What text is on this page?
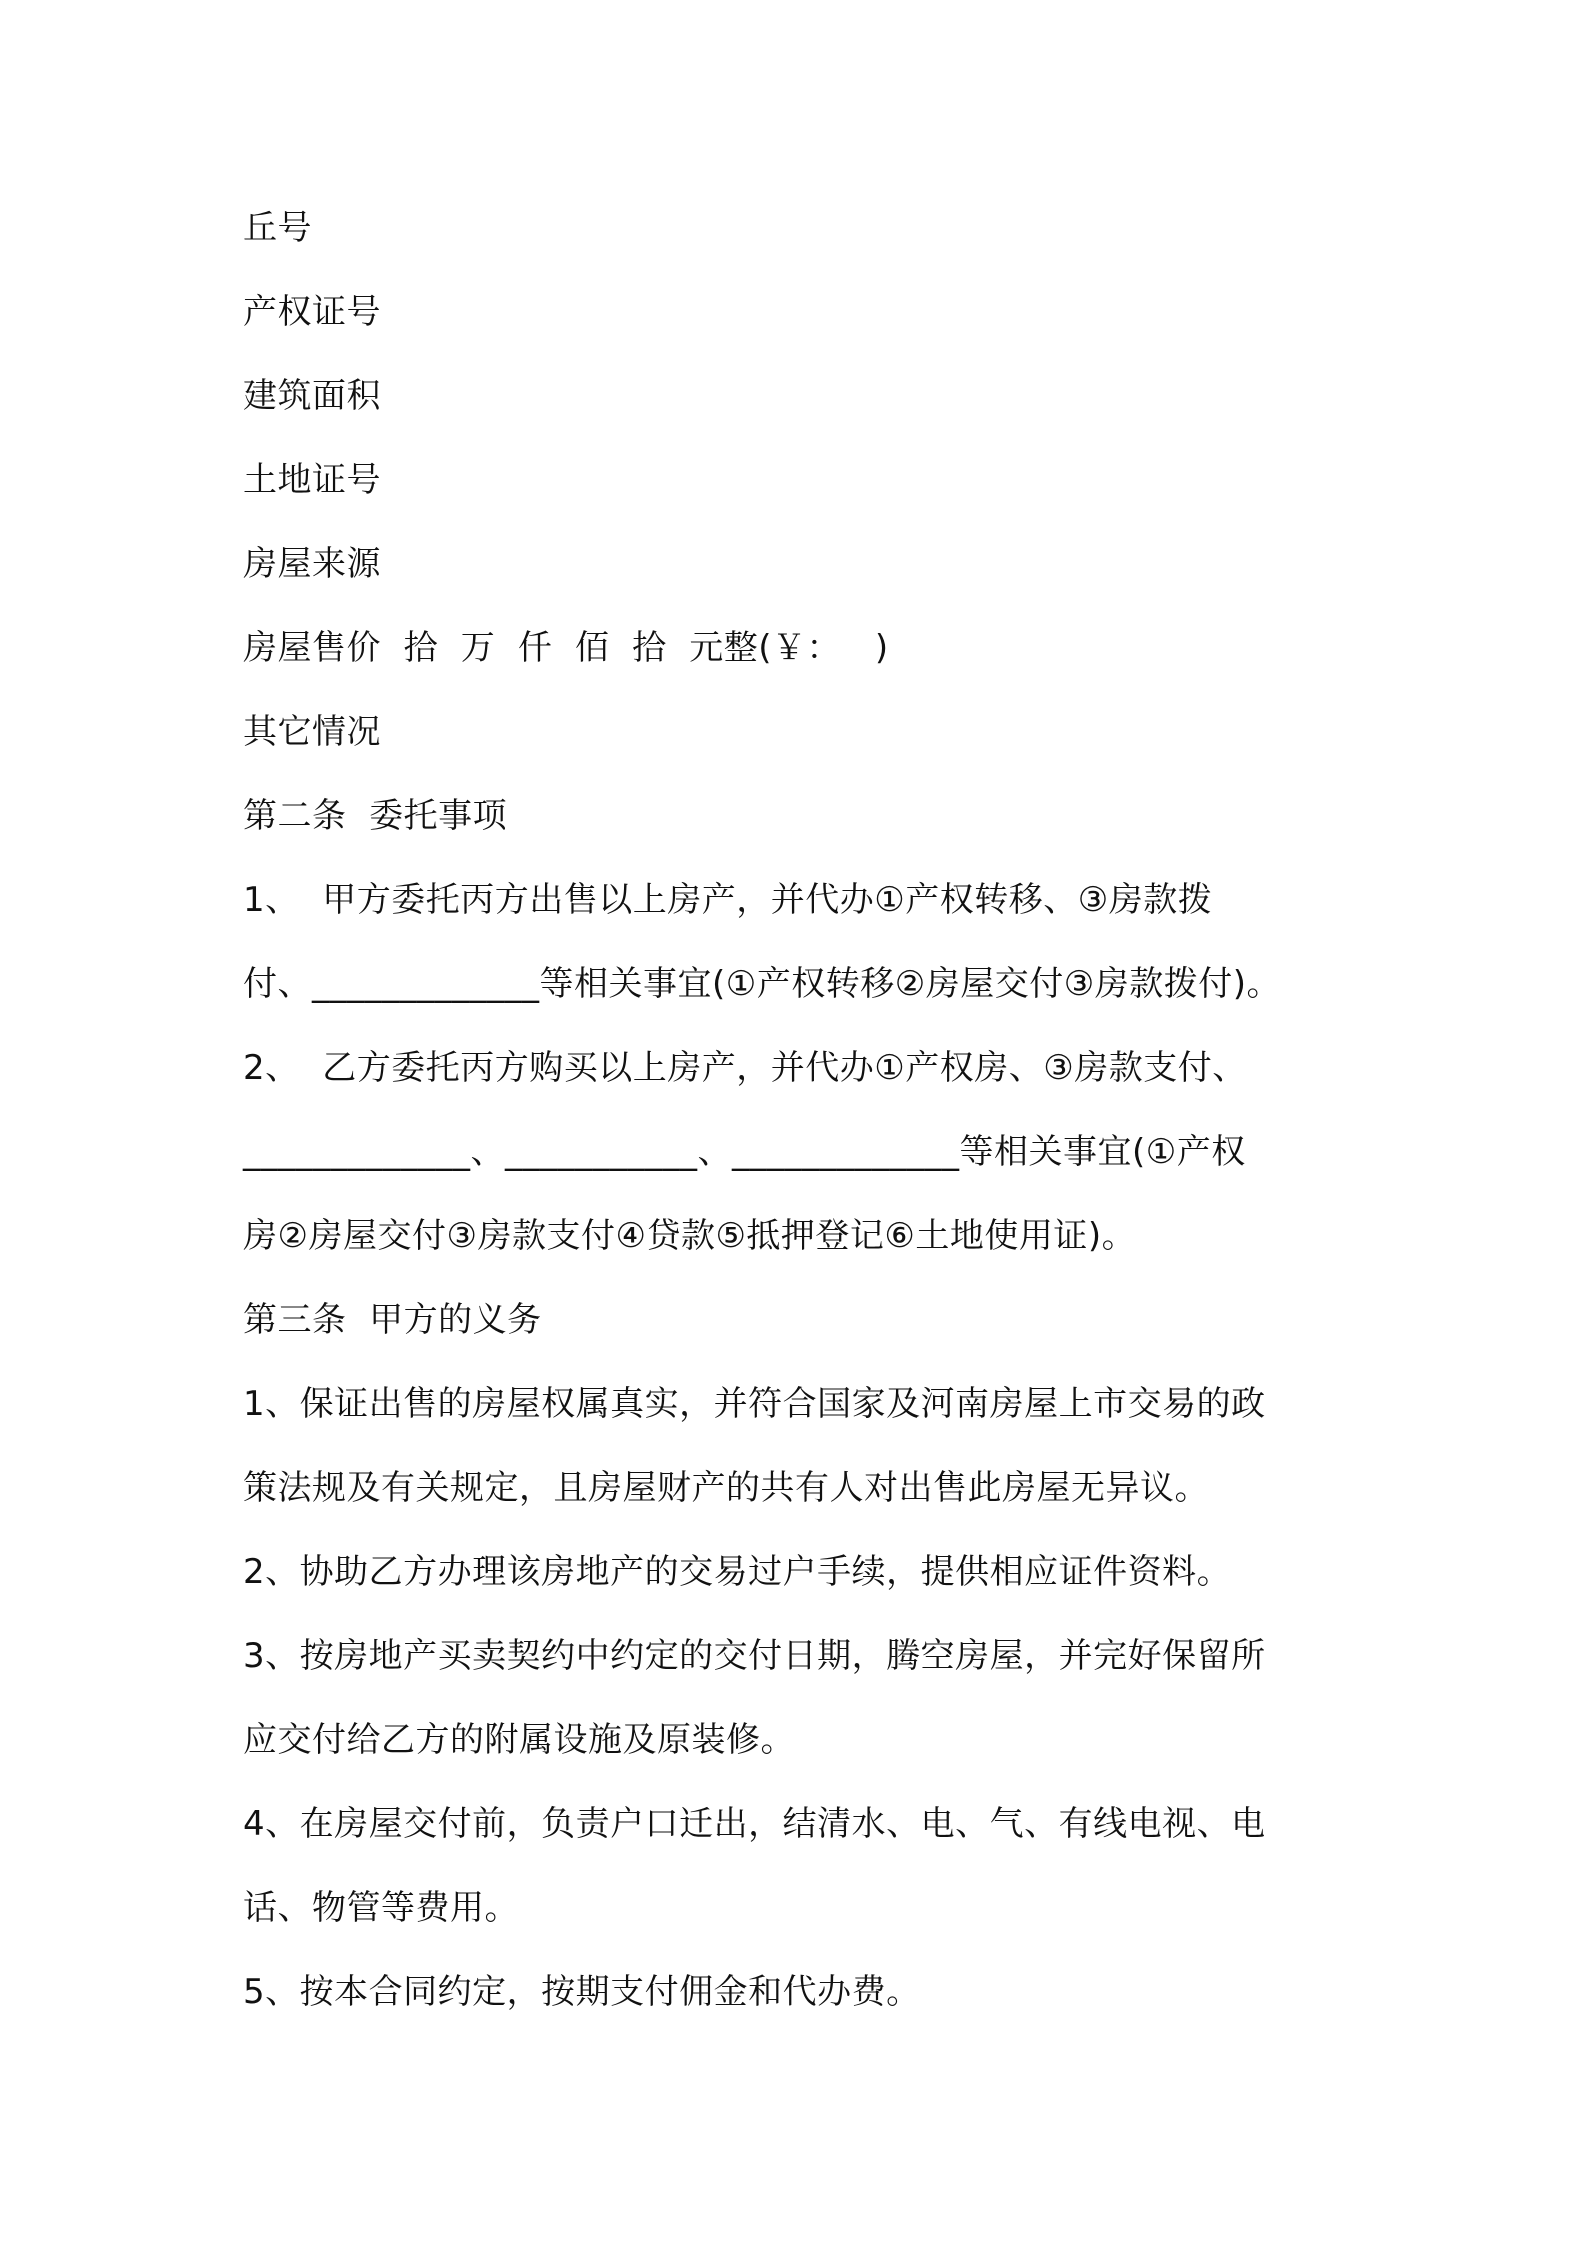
丘号
产权证号
建筑面积
土地证号
房屋来源
房屋售价  拾  万  仟  佰  拾  元整(￥：   )
其它情况
第二条  委托事项
1、  甲方委托丙方出售以上房产，并代办①产权转移、③房款拨
付、_____________等相关事宜(①产权转移②房屋交付③房款拨付)。
2、  乙方委托丙方购买以上房产，并代办①产权房、③房款支付、
_____________、___________、_____________等相关事宜(①产权
房②房屋交付③房款支付④贷款⑤抵押登记⑥土地使用证)。
第三条  甲方的义务
1、保证出售的房屋权属真实，并符合国家及河南房屋上市交易的政
策法规及有关规定，且房屋财产的共有人对出售此房屋无异议。
2、协助乙方办理该房地产的交易过户手续，提供相应证件资料。
3、按房地产买卖契约中约定的交付日期，腾空房屋，并完好保留所
应交付给乙方的附属设施及原装修。
4、在房屋交付前，负责户口迁出，结清水、电、气、有线电视、电
话、物管等费用。
5、按本合同约定，按期支付佣金和代办费。
